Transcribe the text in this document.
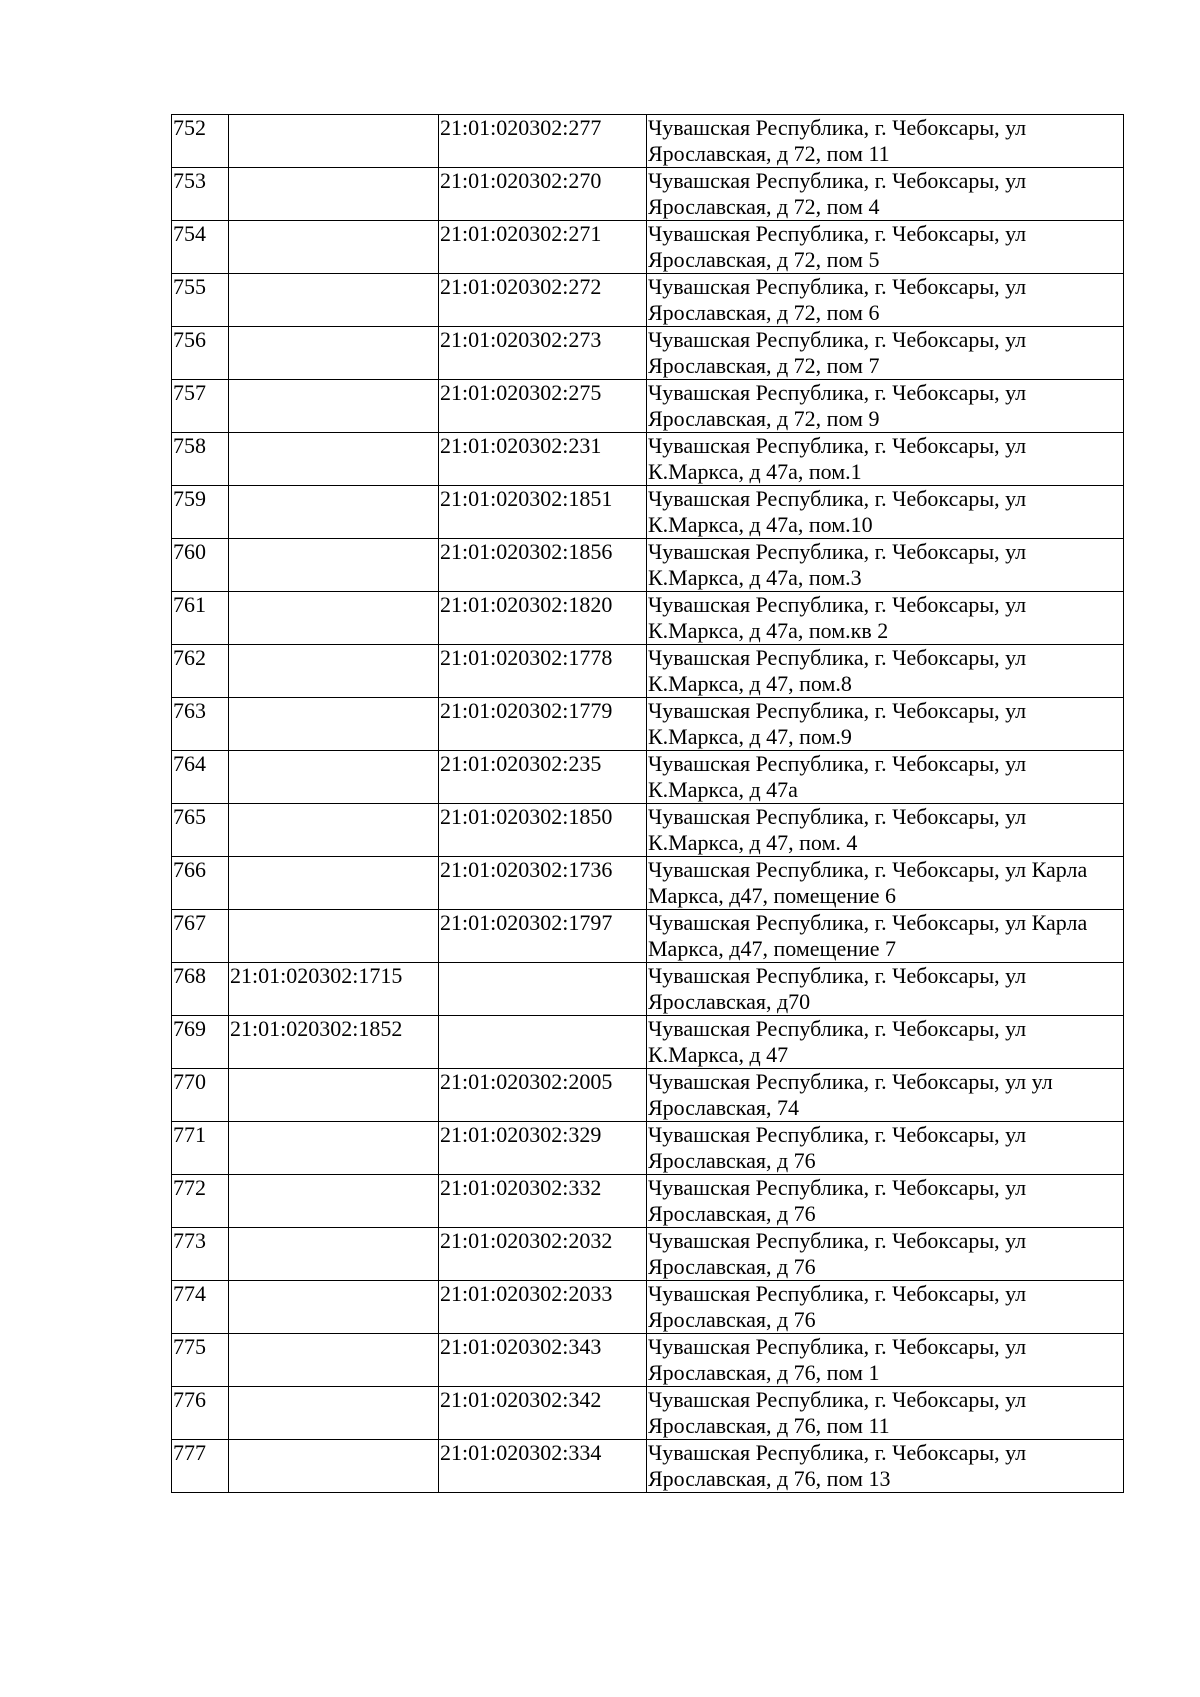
752		21:01:020302:277	Чувашская Республика, г. Чебоксары, ул Ярославская, д 72, пом 11
753		21:01:020302:270	Чувашская Республика, г. Чебоксары, ул Ярославская, д 72, пом 4
754		21:01:020302:271	Чувашская Республика, г. Чебоксары, ул Ярославская, д 72, пом 5
755		21:01:020302:272	Чувашская Республика, г. Чебоксары, ул Ярославская, д 72, пом 6
756		21:01:020302:273	Чувашская Республика, г. Чебоксары, ул Ярославская, д 72, пом 7
757		21:01:020302:275	Чувашская Республика, г. Чебоксары, ул Ярославская, д 72, пом 9
758		21:01:020302:231	Чувашская Республика, г. Чебоксары, ул К.Маркса, д 47а, пом.1
759		21:01:020302:1851	Чувашская Республика, г. Чебоксары, ул К.Маркса, д 47а, пом.10
760		21:01:020302:1856	Чувашская Республика, г. Чебоксары, ул К.Маркса, д 47а, пом.3
761		21:01:020302:1820	Чувашская Республика, г. Чебоксары, ул К.Маркса, д 47а, пом.кв 2
762		21:01:020302:1778	Чувашская Республика, г. Чебоксары, ул К.Маркса, д 47, пом.8
763		21:01:020302:1779	Чувашская Республика, г. Чебоксары, ул К.Маркса, д 47, пом.9
764		21:01:020302:235	Чувашская Республика, г. Чебоксары, ул К.Маркса, д 47а
765		21:01:020302:1850	Чувашская Республика, г. Чебоксары, ул К.Маркса, д 47, пом. 4
766		21:01:020302:1736	Чувашская Республика, г. Чебоксары, ул Карла Маркса, д47, помещение 6
767		21:01:020302:1797	Чувашская Республика, г. Чебоксары, ул Карла Маркса, д47, помещение 7
768	21:01:020302:1715		Чувашская Республика, г. Чебоксары, ул Ярославская, д70
769	21:01:020302:1852		Чувашская Республика, г. Чебоксары, ул К.Маркса, д 47
770		21:01:020302:2005	Чувашская Республика, г. Чебоксары, ул ул Ярославская, 74
771		21:01:020302:329	Чувашская Республика, г. Чебоксары, ул Ярославская, д 76
772		21:01:020302:332	Чувашская Республика, г. Чебоксары, ул Ярославская, д 76
773		21:01:020302:2032	Чувашская Республика, г. Чебоксары, ул Ярославская, д 76
774		21:01:020302:2033	Чувашская Республика, г. Чебоксары, ул Ярославская, д 76
775		21:01:020302:343	Чувашская Республика, г. Чебоксары, ул Ярославская, д 76, пом 1
776		21:01:020302:342	Чувашская Республика, г. Чебоксары, ул Ярославская, д 76, пом 11
777		21:01:020302:334	Чувашская Республика, г. Чебоксары, ул Ярославская, д 76, пом 13
